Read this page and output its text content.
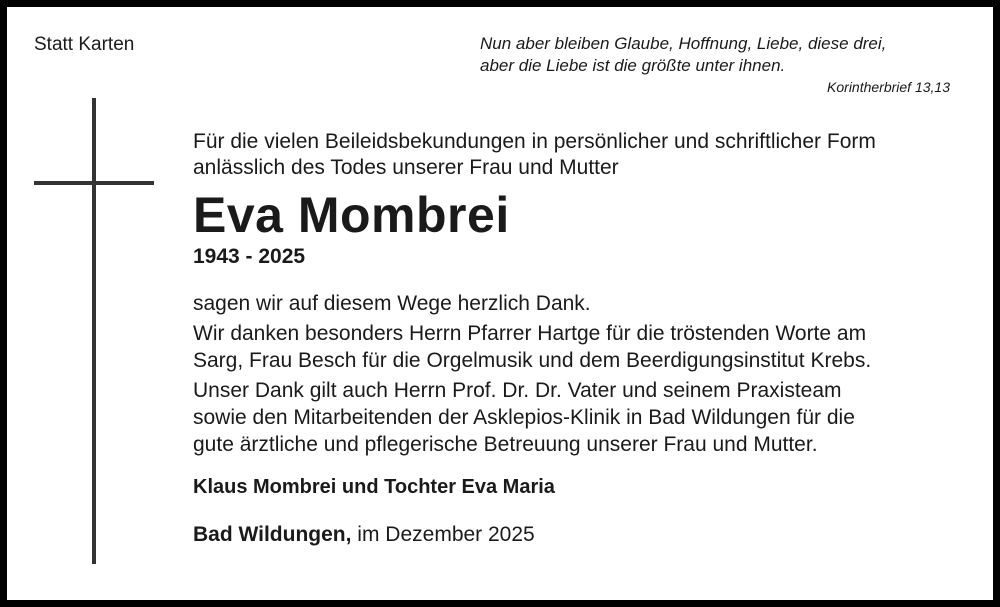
Statt Karten	Nun aber bleiben Glaube, Hoffnung, Liebe, diese drei,
aber die Liebe ist die größte unter ihnen.
Korintherbrief 13,13
Für die vielen Beileidsbekundungen in persönlicher und schriftlicher Form
anlässlich des Todes unserer Frau und Mutter
Eva Mombrei
1943 - 2025
sagen wir auf diesem Wege herzlich Dank.
Wir danken besonders Herrn Pfarrer Hartge für die tröstenden Worte am
Sarg, Frau Besch für die Orgelmusik und dem Beerdigungsinstitut Krebs.
Unser Dank gilt auch Herrn Prof. Dr. Dr. Vater und seinem Praxisteam
sowie den Mitarbeitenden der Asklepios-Klinik in Bad Wildungen für die
gute ärztliche und pflegerische Betreuung unserer Frau und Mutter.
Klaus Mombrei und Tochter Eva Maria
Bad Wildungen, im Dezember 2025
